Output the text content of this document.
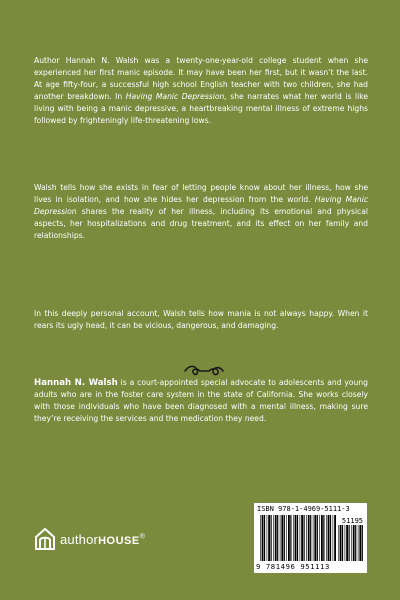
Author Hannah N. Walsh was a twenty-one-year-old college student when she experienced her first manic episode. It may have been her first, but it wasn’t the last. At age fifty-four, a successful high school English teacher with two children, she had another breakdown. In Having Manic Depression, she narrates what her world is like living with being a manic depressive, a heartbreaking mental illness of extreme highs followed by frighteningly life-threatening lows.

Walsh tells how she exists in fear of letting people know about her illness, how she lives in isolation, and how she hides her depression from the world. Having Manic Depression shares the reality of her illness, including its emotional and physical aspects, her hospitalizations and drug treatment, and its effect on her family and relationships.

In this deeply personal account, Walsh tells how mania is not always happy. When it rears its ugly head, it can be vicious, dangerous, and damaging.

Hannah N. Walsh is a court-appointed special advocate to adolescents and young adults who are in the foster care system in the state of California. She works closely with those individuals who have been diagnosed with a mental illness, making sure they’re receiving the services and the medication they need.

authorHOUSE®
ISBN 978-1-4969-5111-3
51195
9 781496 951113
